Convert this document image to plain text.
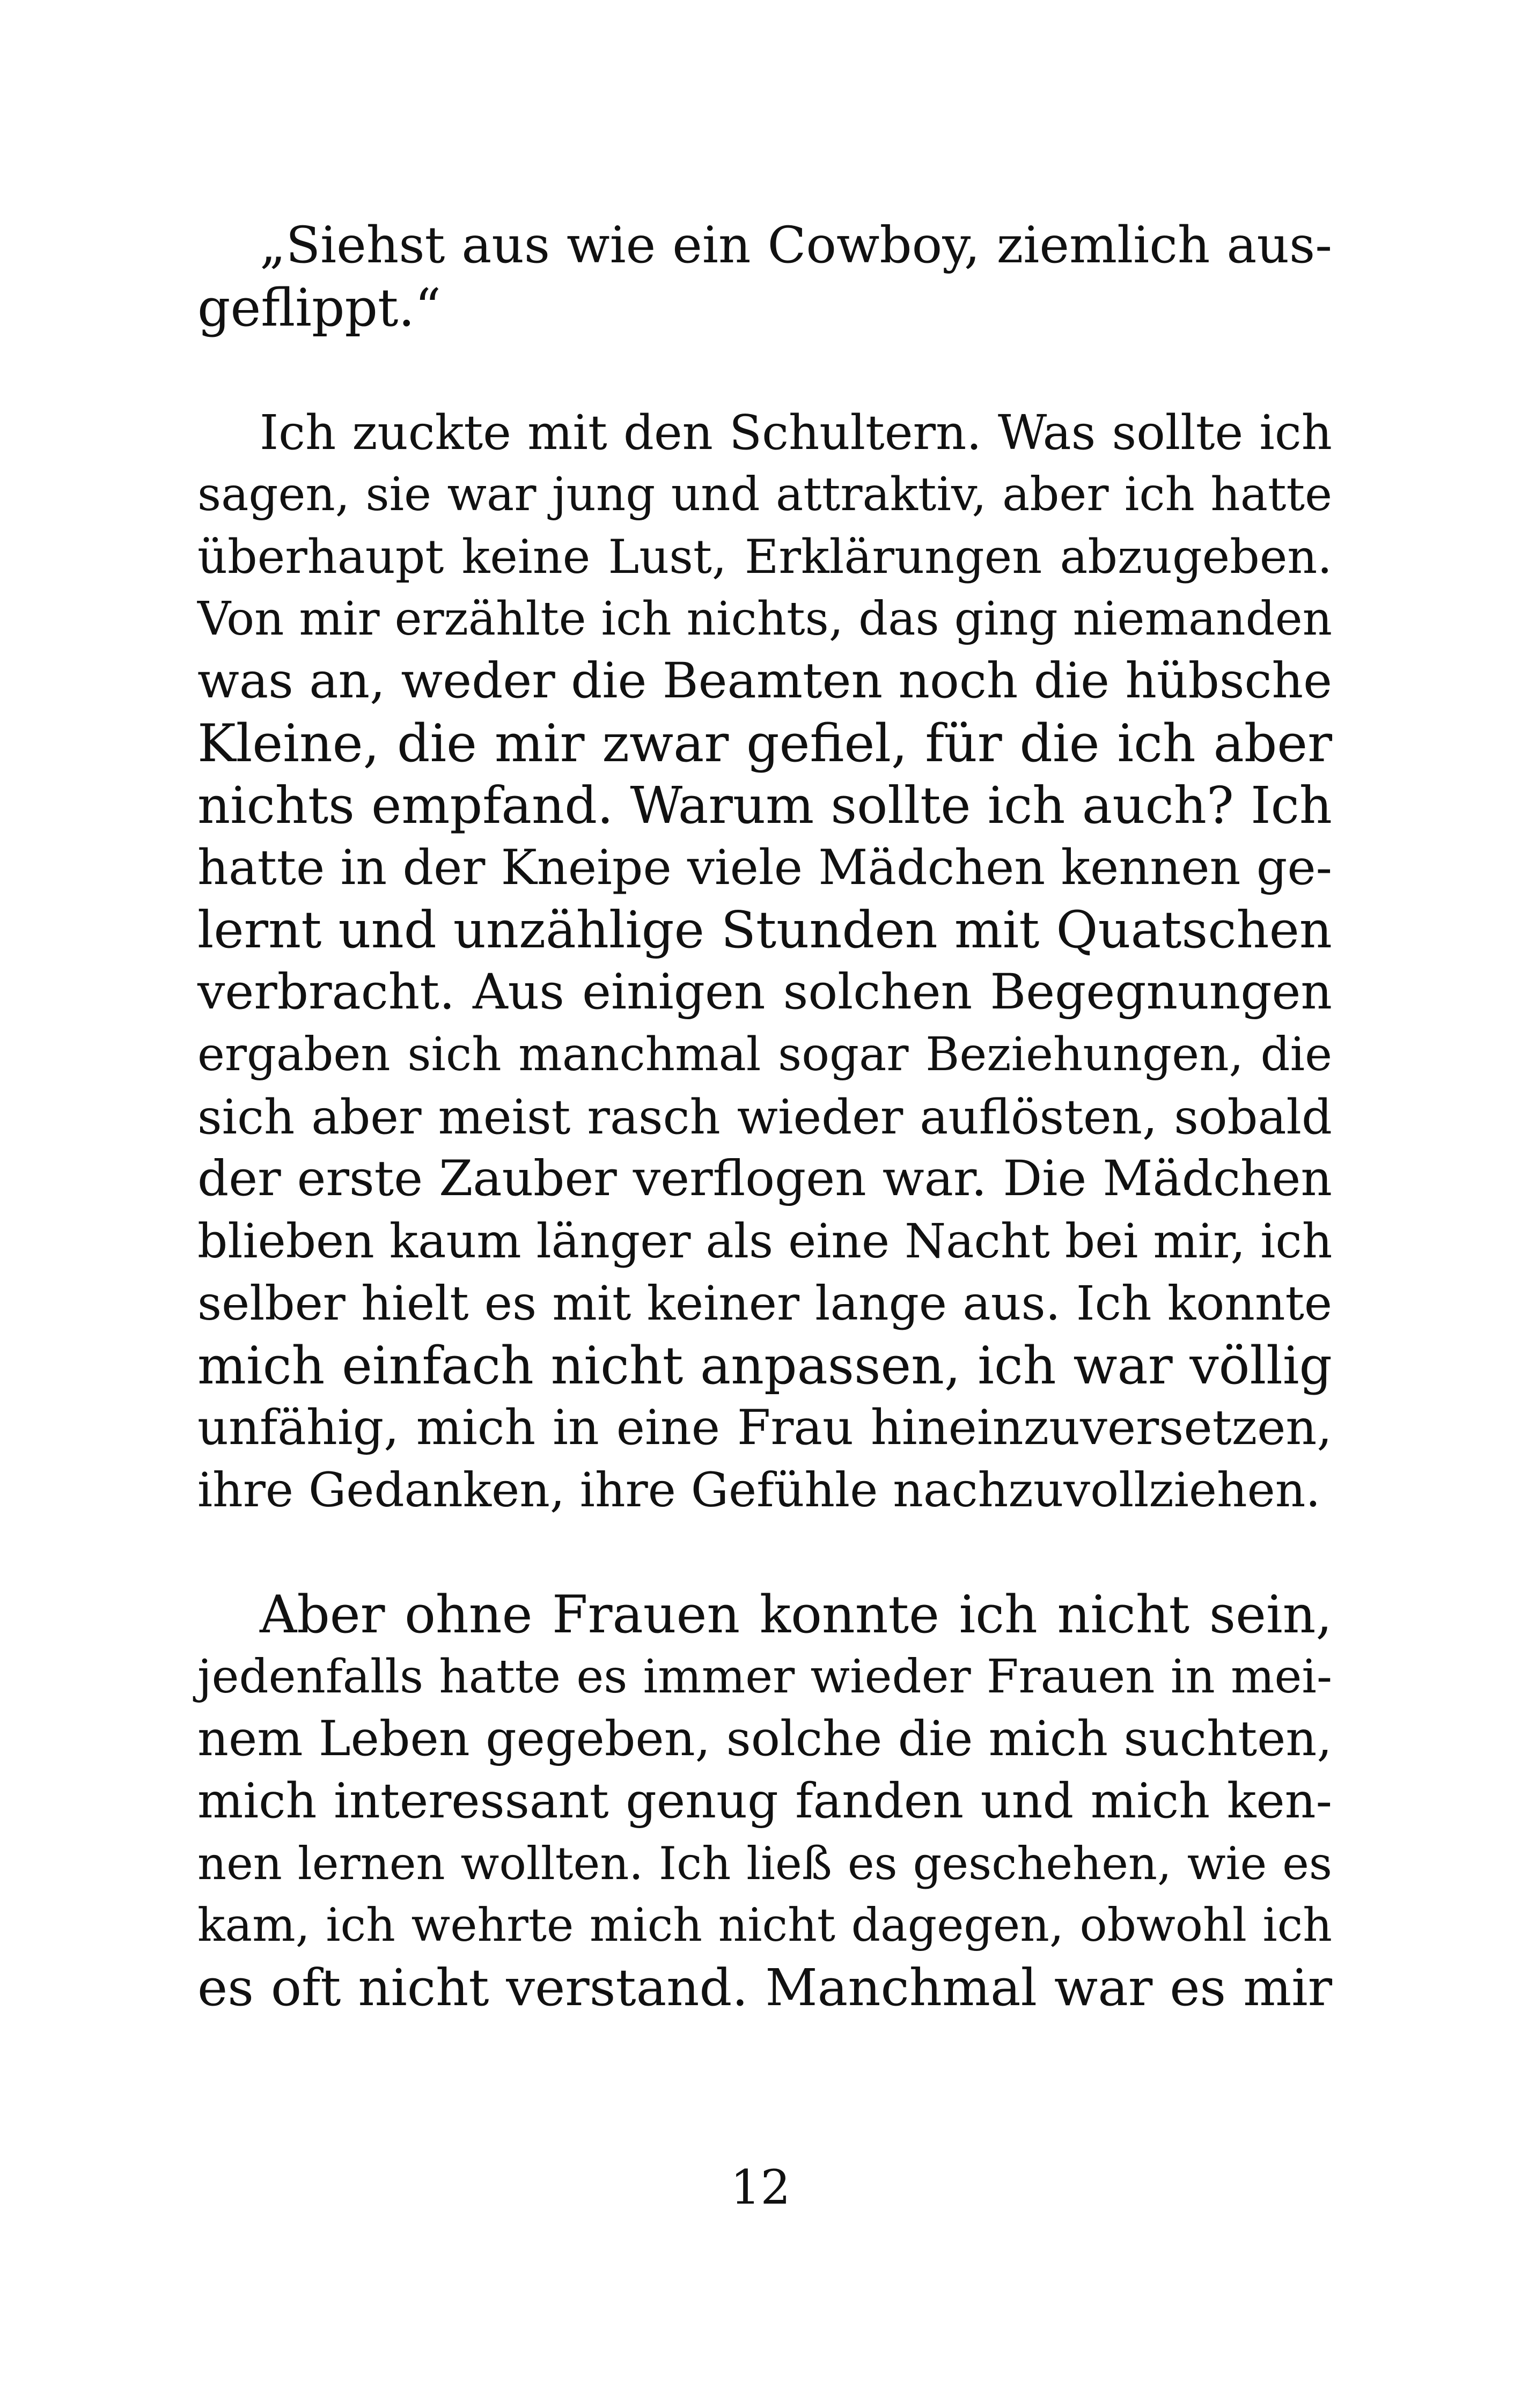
„Siehst aus wie ein Cowboy, ziemlich aus-
geflippt.“
Ich zuckte mit den Schultern. Was sollte ich
sagen, sie war jung und attraktiv, aber ich hatte
überhaupt keine Lust, Erklärungen abzugeben.
Von mir erzählte ich nichts, das ging niemanden
was an, weder die Beamten noch die hübsche
Kleine, die mir zwar gefiel, für die ich aber
nichts empfand. Warum sollte ich auch? Ich
hatte in der Kneipe viele Mädchen kennen ge-
lernt und unzählige Stunden mit Quatschen
verbracht. Aus einigen solchen Begegnungen
ergaben sich manchmal sogar Beziehungen, die
sich aber meist rasch wieder auflösten, sobald
der erste Zauber verflogen war. Die Mädchen
blieben kaum länger als eine Nacht bei mir, ich
selber hielt es mit keiner lange aus. Ich konnte
mich einfach nicht anpassen, ich war völlig
unfähig, mich in eine Frau hineinzuversetzen,
ihre Gedanken, ihre Gefühle nachzuvollziehen.
Aber ohne Frauen konnte ich nicht sein,
jedenfalls hatte es immer wieder Frauen in mei-
nem Leben gegeben, solche die mich suchten,
mich interessant genug fanden und mich ken-
nen lernen wollten. Ich ließ es geschehen, wie es
kam, ich wehrte mich nicht dagegen, obwohl ich
es oft nicht verstand. Manchmal war es mir
12
